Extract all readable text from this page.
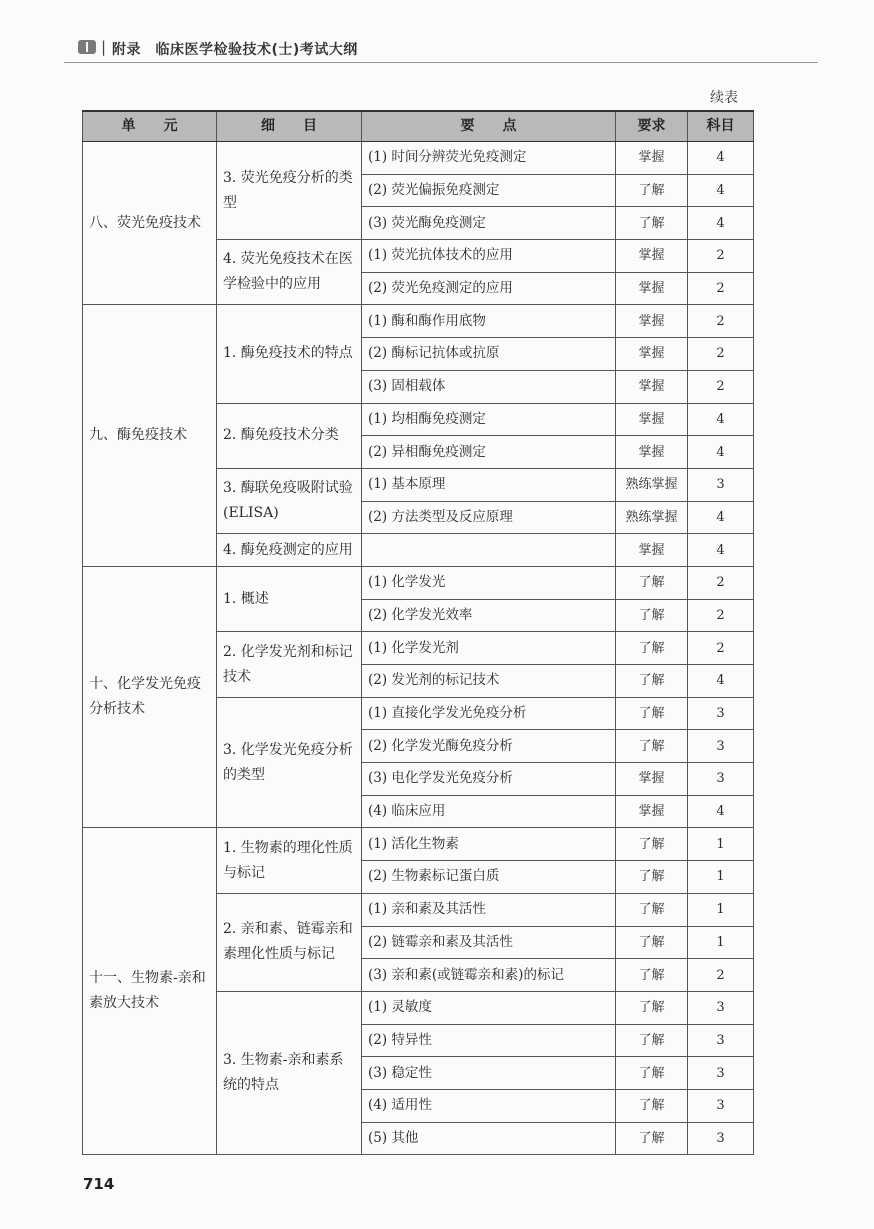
| 附录　临床医学检验技术(士)考试大纲
续表
单　　元	细　　目	要　　点	要求	科目
八、荧光免疫技术	3. 荧光免疫分析的类型	(1) 时间分辨荧光免疫测定	掌握	4
		(2) 荧光偏振免疫测定	了解	4
		(3) 荧光酶免疫测定	了解	4
	4. 荧光免疫技术在医学检验中的应用	(1) 荧光抗体技术的应用	掌握	2
		(2) 荧光免疫测定的应用	掌握	2
九、酶免疫技术	1. 酶免疫技术的特点	(1) 酶和酶作用底物	掌握	2
		(2) 酶标记抗体或抗原	掌握	2
		(3) 固相载体	掌握	2
	2. 酶免疫技术分类	(1) 均相酶免疫测定	掌握	4
		(2) 异相酶免疫测定	掌握	4
	3. 酶联免疫吸附试验(ELISA)	(1) 基本原理	熟练掌握	3
		(2) 方法类型及反应原理	熟练掌握	4
	4. 酶免疫测定的应用		掌握	4
十、化学发光免疫分析技术	1. 概述	(1) 化学发光	了解	2
		(2) 化学发光效率	了解	2
	2. 化学发光剂和标记技术	(1) 化学发光剂	了解	2
		(2) 发光剂的标记技术	了解	4
	3. 化学发光免疫分析的类型	(1) 直接化学发光免疫分析	了解	3
		(2) 化学发光酶免疫分析	了解	3
		(3) 电化学发光免疫分析	掌握	3
		(4) 临床应用	掌握	4
十一、生物素-亲和素放大技术	1. 生物素的理化性质与标记	(1) 活化生物素	了解	1
		(2) 生物素标记蛋白质	了解	1
	2. 亲和素、链霉亲和素理化性质与标记	(1) 亲和素及其活性	了解	1
		(2) 链霉亲和素及其活性	了解	1
		(3) 亲和素(或链霉亲和素)的标记	了解	2
	3. 生物素-亲和素系统的特点	(1) 灵敏度	了解	3
		(2) 特异性	了解	3
		(3) 稳定性	了解	3
		(4) 适用性	了解	3
		(5) 其他	了解	3
714
